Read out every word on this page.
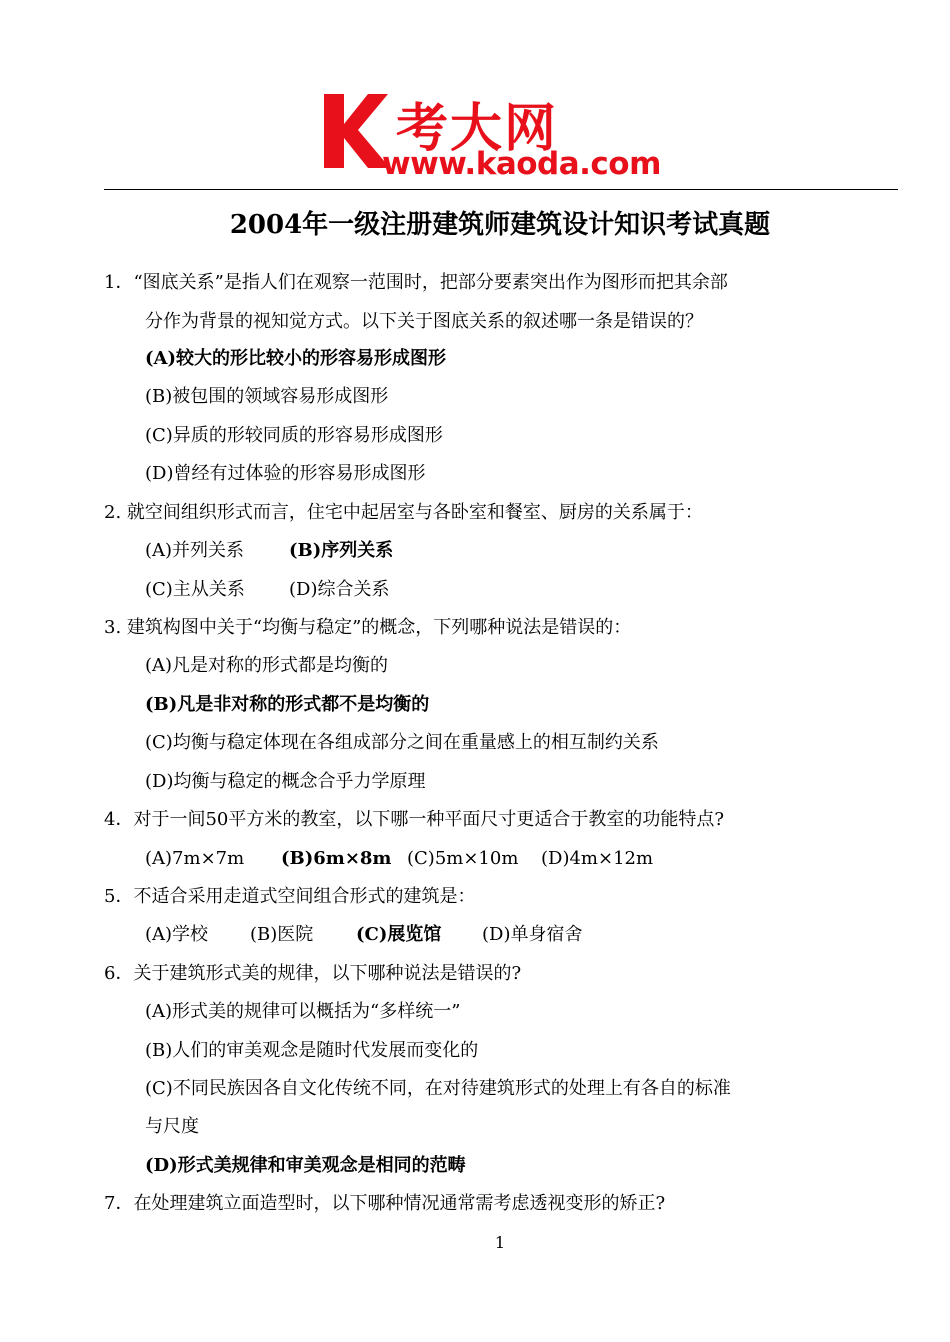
考大网
www.kaoda.com
2004年一级注册建筑师建筑设计知识考试真题
1．“图底关系”是指人们在观察一范围时，把部分要素突出作为图形而把其余部
分作为背景的视知觉方式。以下关于图底关系的叙述哪一条是错误的？
(A)较大的形比较小的形容易形成图形
(B)被包围的领域容易形成图形
(C)异质的形较同质的形容易形成图形
(D)曾经有过体验的形容易形成图形
2. 就空间组织形式而言，住宅中起居室与各卧室和餐室、厨房的关系属于：
(A)并列关系 (B)序列关系
(C)主从关系 (D)综合关系
3. 建筑构图中关于“均衡与稳定”的概念，下列哪种说法是错误的：
(A)凡是对称的形式都是均衡的
(B)凡是非对称的形式都不是均衡的
(C)均衡与稳定体现在各组成部分之间在重量感上的相互制约关系
(D)均衡与稳定的概念合乎力学原理
4．对于一间50平方米的教室，以下哪一种平面尺寸更适合于教室的功能特点?
(A)7m×7m (B)6m×8m (C)5m×10m (D)4m×12m
5．不适合采用走道式空间组合形式的建筑是：
(A)学校 (B)医院 (C)展览馆 (D)单身宿舍
6．关于建筑形式美的规律，以下哪种说法是错误的?
(A)形式美的规律可以概括为“多样统一”
(B)人们的审美观念是随时代发展而变化的
(C)不同民族因各自文化传统不同，在对待建筑形式的处理上有各自的标准
与尺度
(D)形式美规律和审美观念是相同的范畴
7．在处理建筑立面造型时，以下哪种情况通常需考虑透视变形的矫正?
1
